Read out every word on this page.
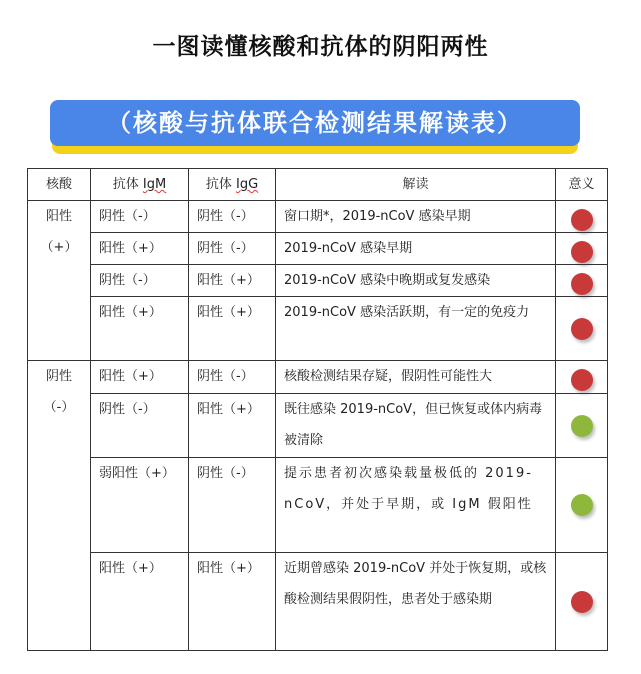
一图读懂核酸和抗体的阴阳两性
（核酸与抗体联合检测结果解读表）
核酸	抗体 IgM	抗体 IgG	解读	意义

阳性
（+）	阴性（-）	阴性（-）	窗口期*，2019-nCoV 感染早期	

	阳性（+）	阴性（-）	2019-nCoV 感染早期	

	阴性（-）	阳性（+）	2019-nCoV 感染中晚期或复发感染	

	阳性（+）	阳性（+）	2019-nCoV 感染活跃期，有一定的免疫力	

阴性
（-）	阳性（+）	阴性（-）	核酸检测结果存疑，假阴性可能性大	

	阴性（-）	阳性（+）	既往感染 2019-nCoV，但已恢复或体内病毒被清除	

	弱阳性（+）	阴性（-）	提示患者初次感染载量极低的 2019-nCoV，并处于早期，或 IgM 假阳性	

	阳性（+）	阳性（+）	近期曾感染 2019-nCoV 并处于恢复期，或核酸检测结果假阴性，患者处于感染期	
